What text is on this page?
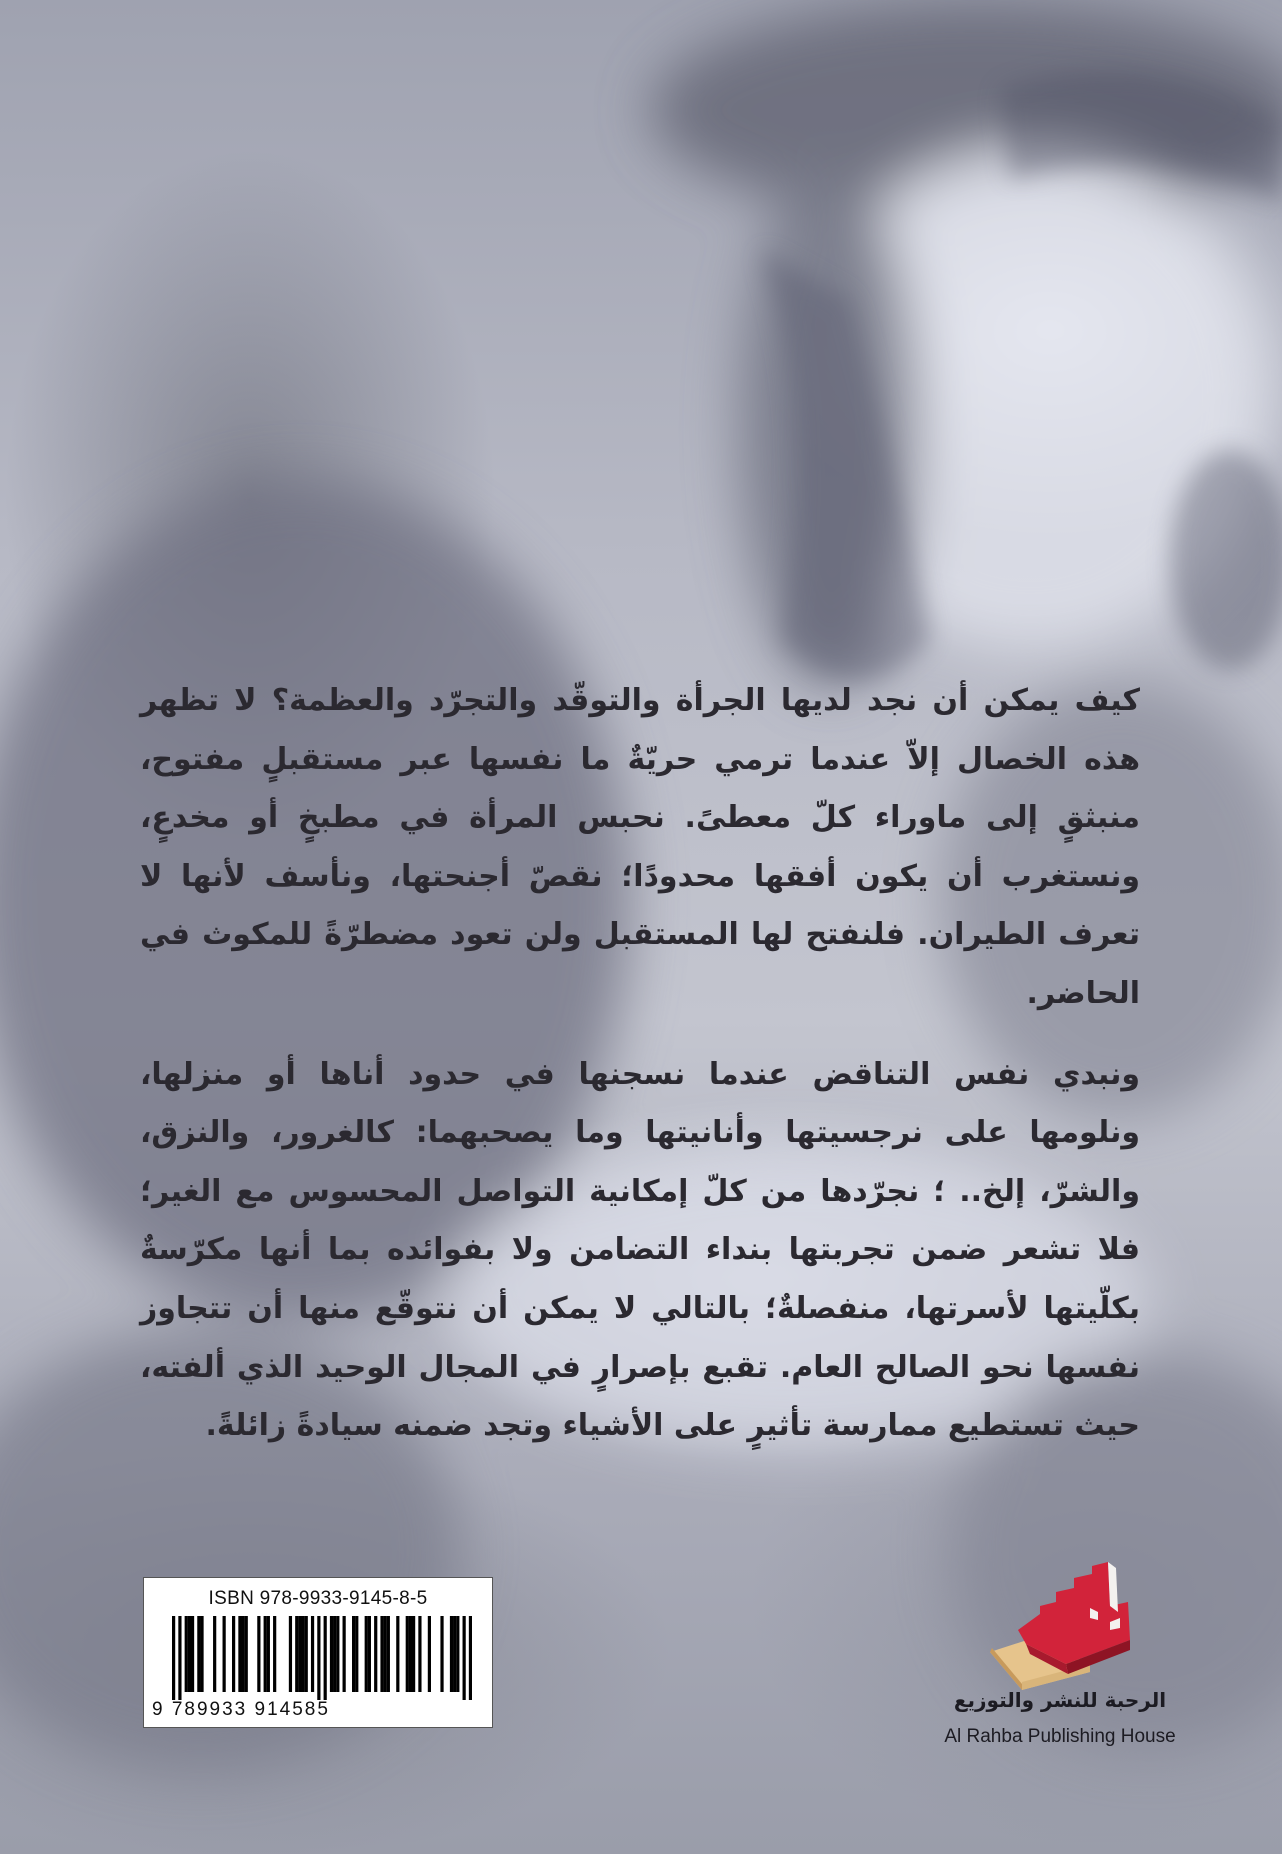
كيف يمكن أن نجد لديها الجرأة والتوقّد والتجرّد والعظمة؟ لا تظهر هذه الخصال إلاّ عندما ترمي حريّةٌ ما نفسها عبر مستقبلٍ مفتوح، منبثقٍ إلى ماوراء كلّ معطىً. نحبس المرأة في مطبخٍ أو مخدعٍ، ونستغرب أن يكون أفقها محدودًا؛ نقصّ أجنحتها، ونأسف لأنها لا تعرف الطيران. فلنفتح لها المستقبل ولن تعود مضطرّةً للمكوث في الحاضر.

ونبدي نفس التناقض عندما نسجنها في حدود أناها أو منزلها، ونلومها على نرجسيتها وأنانيتها وما يصحبهما: كالغرور، والنزق، والشرّ، إلخ.. ؛ نجرّدها من كلّ إمكانية التواصل المحسوس مع الغير؛ فلا تشعر ضمن تجربتها بنداء التضامن ولا بفوائده بما أنها مكرّسةٌ بكلّيتها لأسرتها، منفصلةٌ؛ بالتالي لا يمكن أن نتوقّع منها أن تتجاوز نفسها نحو الصالح العام. تقبع بإصرارٍ في المجال الوحيد الذي ألفته، حيث تستطيع ممارسة تأثيرٍ على الأشياء وتجد ضمنه سيادةً زائلةً.

ISBN 978-9933-9145-8-5
9 789933 914585	الرحبة للنشر والتوزيع
Al Rahba Publishing House
